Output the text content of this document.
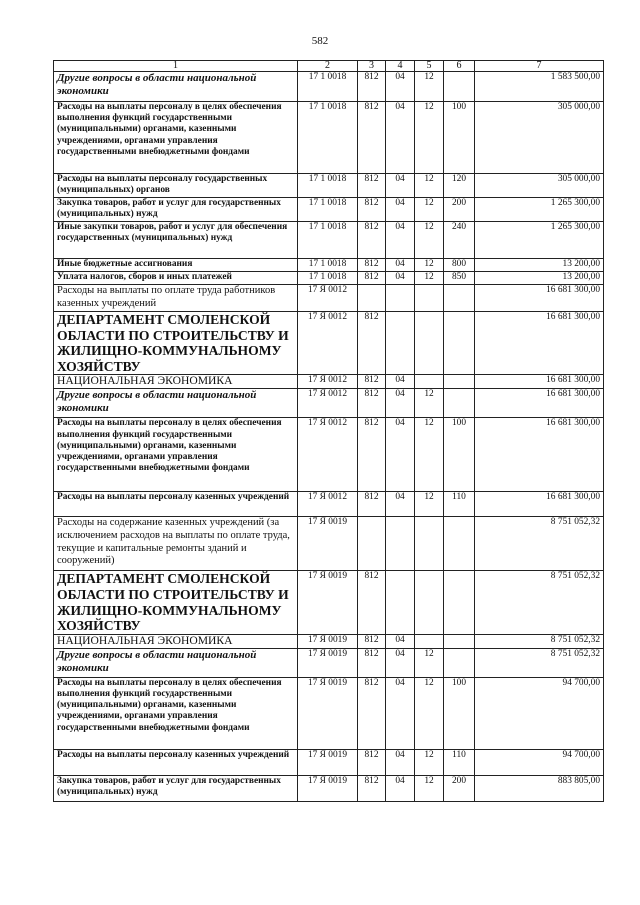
582
1	2	3	4	5	6	7
Другие вопросы в области национальной экономики	17 1 0018	812	04	12		1 583 500,00
Расходы на выплаты персоналу в целях обеспечения выполнения функций государственными (муниципальными) органами, казенными учреждениями, органами управления государственными внебюджетными фондами	17 1 0018	812	04	12	100	305 000,00
Расходы на выплаты персоналу государственных (муниципальных) органов	17 1 0018	812	04	12	120	305 000,00
Закупка товаров, работ и услуг для государственных (муниципальных) нужд	17 1 0018	812	04	12	200	1 265 300,00
Иные закупки товаров, работ и услуг для обеспечения государственных (муниципальных) нужд	17 1 0018	812	04	12	240	1 265 300,00
Иные бюджетные ассигнования	17 1 0018	812	04	12	800	13 200,00
Уплата налогов, сборов и иных платежей	17 1 0018	812	04	12	850	13 200,00
Расходы на выплаты по оплате труда работников казенных учреждений	17 Я 0012					16 681 300,00
ДЕПАРТАМЕНТ СМОЛЕНСКОЙ ОБЛАСТИ ПО СТРОИТЕЛЬСТВУ И ЖИЛИЩНО-КОММУНАЛЬНОМУ ХОЗЯЙСТВУ	17 Я 0012	812				16 681 300,00
НАЦИОНАЛЬНАЯ ЭКОНОМИКА	17 Я 0012	812	04			16 681 300,00
Другие вопросы в области национальной экономики	17 Я 0012	812	04	12		16 681 300,00
Расходы на выплаты персоналу в целях обеспечения выполнения функций государственными (муниципальными) органами, казенными учреждениями, органами управления государственными внебюджетными фондами	17 Я 0012	812	04	12	100	16 681 300,00
Расходы на выплаты персоналу казенных учреждений	17 Я 0012	812	04	12	110	16 681 300,00
Расходы на содержание казенных учреждений (за исключением расходов на выплаты по оплате труда, текущие и капитальные ремонты зданий и сооружений)	17 Я 0019					8 751 052,32
ДЕПАРТАМЕНТ СМОЛЕНСКОЙ ОБЛАСТИ ПО СТРОИТЕЛЬСТВУ И ЖИЛИЩНО-КОММУНАЛЬНОМУ ХОЗЯЙСТВУ	17 Я 0019	812				8 751 052,32
НАЦИОНАЛЬНАЯ ЭКОНОМИКА	17 Я 0019	812	04			8 751 052,32
Другие вопросы в области национальной экономики	17 Я 0019	812	04	12		8 751 052,32
Расходы на выплаты персоналу в целях обеспечения выполнения функций государственными (муниципальными) органами, казенными учреждениями, органами управления государственными внебюджетными фондами	17 Я 0019	812	04	12	100	94 700,00
Расходы на выплаты персоналу казенных учреждений	17 Я 0019	812	04	12	110	94 700,00
Закупка товаров, работ и услуг для государственных (муниципальных) нужд	17 Я 0019	812	04	12	200	883 805,00
